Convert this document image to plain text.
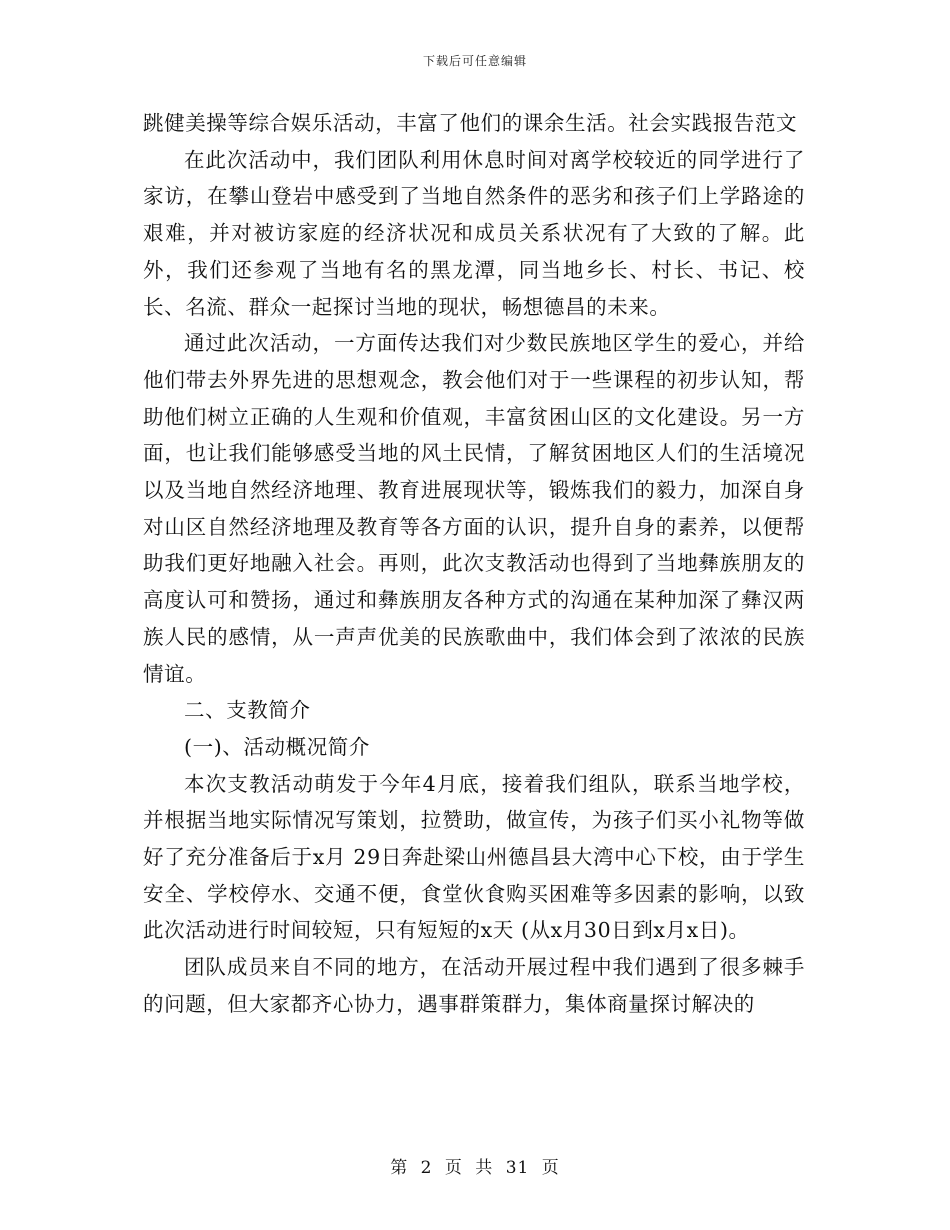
下载后可任意编辑

跳健美操等综合娱乐活动，丰富了他们的课余生活。社会实践报告范文

在此次活动中，我们团队利用休息时间对离学校较近的同学进行了家访，在攀山登岩中感受到了当地自然条件的恶劣和孩子们上学路途的艰难，并对被访家庭的经济状况和成员关系状况有了大致的了解。此外，我们还参观了当地有名的黑龙潭，同当地乡长、村长、书记、校长、名流、群众一起探讨当地的现状，畅想德昌的未来。

通过此次活动，一方面传达我们对少数民族地区学生的爱心，并给他们带去外界先进的思想观念，教会他们对于一些课程的初步认知，帮助他们树立正确的人生观和价值观，丰富贫困山区的文化建设。另一方面，也让我们能够感受当地的风土民情，了解贫困地区人们的生活境况以及当地自然经济地理、教育进展现状等，锻炼我们的毅力，加深自身对山区自然经济地理及教育等各方面的认识，提升自身的素养，以便帮助我们更好地融入社会。再则，此次支教活动也得到了当地彝族朋友的高度认可和赞扬，通过和彝族朋友各种方式的沟通在某种加深了彝汉两族人民的感情，从一声声优美的民族歌曲中，我们体会到了浓浓的民族情谊。

二、支教简介

(一)、活动概况简介

本次支教活动萌发于今年4月底，接着我们组队，联系当地学校，并根据当地实际情况写策划，拉赞助，做宣传，为孩子们买小礼物等做好了充分准备后于x月 29日奔赴梁山州德昌县大湾中心下校，由于学生安全、学校停水、交通不便，食堂伙食购买困难等多因素的影响，以致此次活动进行时间较短，只有短短的x天 (从x月30日到x月x日)。

团队成员来自不同的地方，在活动开展过程中我们遇到了很多棘手的问题，但大家都齐心协力，遇事群策群力，集体商量探讨解决的

第 2 页 共 31 页
